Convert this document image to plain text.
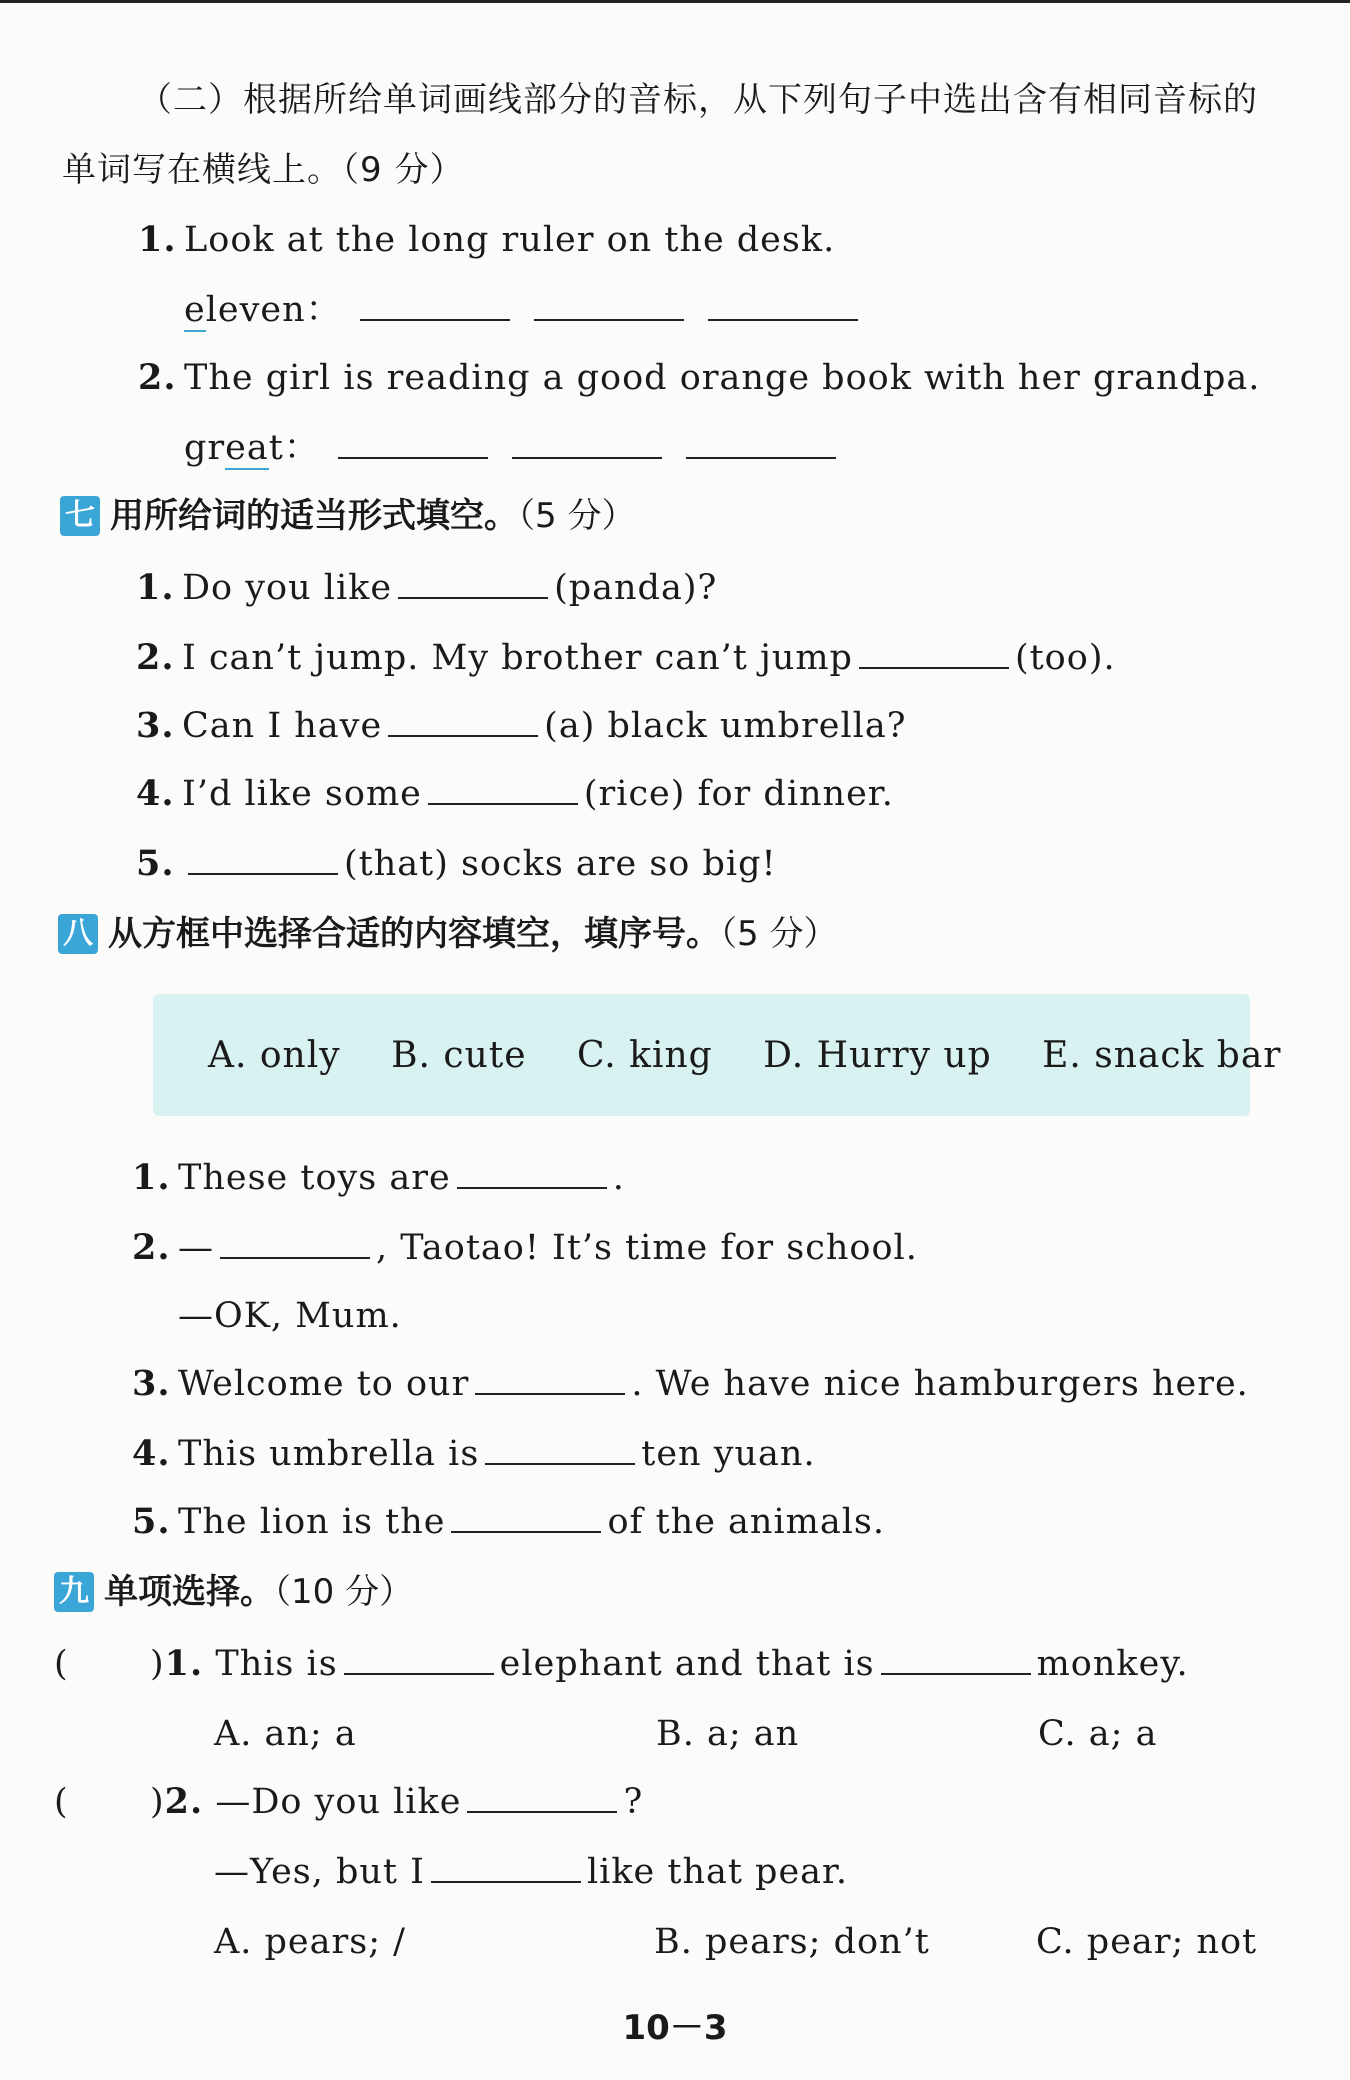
（二）根据所给单词画线部分的音标，从下列句子中选出含有相同音标的
单词写在横线上。（9 分）
1. Look at the long ruler on the desk.
eleven：
2. The girl is reading a good orange book with her grandpa.
great：
七 用所给词的适当形式填空。（5 分）
1. Do you like	(panda)?
2. I can’t jump. My brother can’t jump	(too).
3. Can I have	(a) black umbrella?
4. I’d like some	(rice) for dinner.
5.	(that) socks are so big!
八 从方框中选择合适的内容填空，填序号。（5 分）
A. only B. cute C. king D. Hurry up E. snack bar
1. These toys are	.
2. —	, Taotao! It’s time for school.
—OK, Mum.
3. Welcome to our	. We have nice hamburgers here.
4. This umbrella is	ten yuan.
5. The lion is the	of the animals.
九 单项选择。（10 分）
( )1. This is	elephant and that is	monkey.
A. an; a	B. a; an	C. a; a
( )2. —Do you like	?
—Yes, but I	like that pear.
A. pears; /	B. pears; don’t	C. pear; not
10－3
